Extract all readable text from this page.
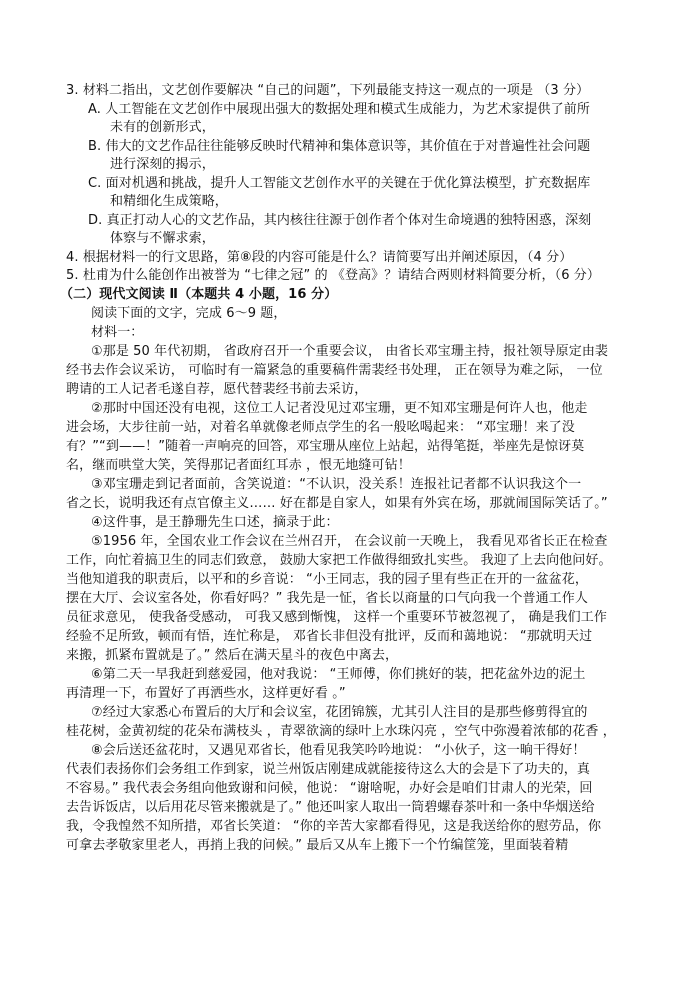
3. 材料二指出，文艺创作要解决 “自己的问题”，下列最能支持这一观点的一项是 （3 分）
A. 人工智能在文艺创作中展现出强大的数据处理和模式生成能力，为艺术家提供了前所
未有的创新形式，
B. 伟大的文艺作品往往能够反映时代精神和集体意识等，其价值在于对普遍性社会问题
进行深刻的揭示，
C. 面对机遇和挑战，提升人工智能文艺创作水平的关键在于优化算法模型，扩充数据库
和精细化生成策略，
D. 真正打动人心的文艺作品，其内核往往源于创作者个体对生命境遇的独特困惑，深刻
体察与不懈求索，
4. 根据材料一的行文思路，第⑧段的内容可能是什么？请简要写出并阐述原因，（4 分）
5. 杜甫为什么能创作出被誉为 “七律之冠” 的 《登高》？请结合两则材料简要分析，（6 分）
（二）现代文阅读 Ⅱ（本题共 4 小题，16 分）
阅读下面的文字，完成 6～9 题，
材料一：
①那是 50 年代初期， 省政府召开一个重要会议， 由省长邓宝珊主持，报社领导原定由裴
经书去作会议采访， 可临时有一篇紧急的重要稿件需裴经书处理， 正在领导为难之际， 一位
聘请的工人记者毛遂自荐，愿代替裴经书前去采访，
②那时中国还没有电视，这位工人记者没见过邓宝珊，更不知邓宝珊是何许人也，他走
进会场，大步往前一站，对着名单就像老师点学生的名一般吆喝起来： “邓宝珊！来了没
有？”“到——！”随着一声响亮的回答，邓宝珊从座位上站起，站得笔挺，举座先是惊讶莫
名，继而哄堂大笑，笑得那记者面红耳赤 ，恨无地缝可钻！
③邓宝珊走到记者面前，含笑说道：“不认识，没关系！连报社记者都不认识我这个一
省之长，说明我还有点官僚主义…… 好在都是自家人，如果有外宾在场，那就闹国际笑话了。”
④这件事，是王静珊先生口述，摘录于此：
⑤1956 年，全国农业工作会议在兰州召开， 在会议前一天晚上， 我看见邓省长正在检查
工作，向忙着搞卫生的同志们致意， 鼓励大家把工作做得细致扎实些。 我迎了上去向他问好。
当他知道我的职责后，以平和的乡音说： “小王同志，我的园子里有些正在开的一盆盆花，
摆在大厅、会议室各处，你看好吗？” 我先是一怔，省长以商量的口气向我一个普通工作人
员征求意见， 使我备受感动， 可我又感到惭愧， 这样一个重要环节被忽视了， 确是我们工作
经验不足所致，顿而有悟，连忙称是， 邓省长非但没有批评，反而和蔼地说： “那就明天过
来搬，抓紧布置就是了。” 然后在满天星斗的夜色中离去，
⑥第二天一早我赶到慈爱园，他对我说： “王师傅，你们挑好的装，把花盆外边的泥土
再清理一下，布置好了再洒些水，这样更好看 。”
⑦经过大家悉心布置后的大厅和会议室，花团锦簇，尤其引人注目的是那些修剪得宜的
桂花树，金黄初绽的花朵布满枝头 ，青翠欲滴的绿叶上水珠闪亮 ，空气中弥漫着浓郁的花香 ，
⑧会后送还盆花时，又遇见邓省长，他看见我笑吟吟地说： “小伙子，这一晌干得好！
代表们表扬你们会务组工作到家，说兰州饭店刚建成就能接待这么大的会是下了功夫的，真
不容易。” 我代表会务组向他致谢和问候，他说： “谢啥呢，办好会是咱们甘肃人的光荣，回
去告诉饭店，以后用花尽管来搬就是了。” 他还叫家人取出一筒碧螺春茶叶和一条中华烟送给
我，令我惶然不知所措，邓省长笑道： “你的辛苦大家都看得见，这是我送给你的慰劳品，你
可拿去孝敬家里老人，再捎上我的问候。” 最后又从车上搬下一个竹编筐笼，里面装着精
